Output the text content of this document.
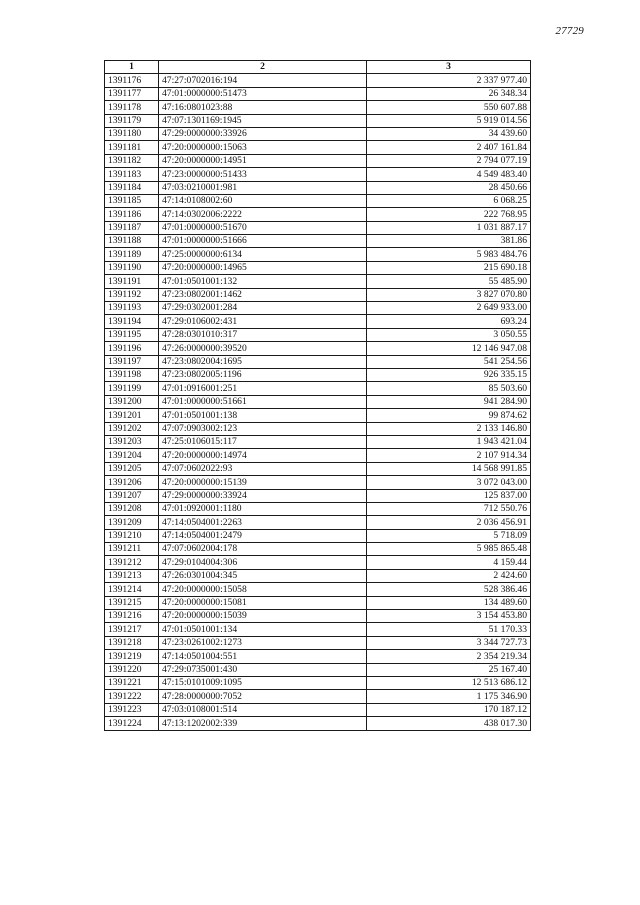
27729
1	2	3
1391176	47:27:0702016:194	2 337 977.40
1391177	47:01:0000000:51473	26 348.34
1391178	47:16:0801023:88	550 607.88
1391179	47:07:1301169:1945	5 919 014.56
1391180	47:29:0000000:33926	34 439.60
1391181	47:20:0000000:15063	2 407 161.84
1391182	47:20:0000000:14951	2 794 077.19
1391183	47:23:0000000:51433	4 549 483.40
1391184	47:03:0210001:981	28 450.66
1391185	47:14:0108002:60	6 068.25
1391186	47:14:0302006:2222	222 768.95
1391187	47:01:0000000:51670	1 031 887.17
1391188	47:01:0000000:51666	381.86
1391189	47:25:0000000:6134	5 983 484.76
1391190	47:20:0000000:14965	215 690.18
1391191	47:01:0501001:132	55 485.90
1391192	47:23:0802001:1462	3 827 070.80
1391193	47:29:0302001:284	2 649 933.00
1391194	47:29:0106002:431	693.24
1391195	47:28:0301010:317	3 050.55
1391196	47:26:0000000:39520	12 146 947.08
1391197	47:23:0802004:1695	541 254.56
1391198	47:23:0802005:1196	926 335.15
1391199	47:01:0916001:251	85 503.60
1391200	47:01:0000000:51661	941 284.90
1391201	47:01:0501001:138	99 874.62
1391202	47:07:0903002:123	2 133 146.80
1391203	47:25:0106015:117	1 943 421.04
1391204	47:20:0000000:14974	2 107 914.34
1391205	47:07:0602022:93	14 568 991.85
1391206	47:20:0000000:15139	3 072 043.00
1391207	47:29:0000000:33924	125 837.00
1391208	47:01:0920001:1180	712 550.76
1391209	47:14:0504001:2263	2 036 456.91
1391210	47:14:0504001:2479	5 718.09
1391211	47:07:0602004:178	5 985 865.48
1391212	47:29:0104004:306	4 159.44
1391213	47:26:0301004:345	2 424.60
1391214	47:20:0000000:15058	528 386.46
1391215	47:20:0000000:15081	134 489.60
1391216	47:20:0000000:15039	3 154 453.80
1391217	47:01:0501001:134	51 170.33
1391218	47:23:0261002:1273	3 344 727.73
1391219	47:14:0501004:551	2 354 219.34
1391220	47:29:0735001:430	25 167.40
1391221	47:15:0101009:1095	12 513 686.12
1391222	47:28:0000000:7052	1 175 346.90
1391223	47:03:0108001:514	170 187.12
1391224	47:13:1202002:339	438 017.30
